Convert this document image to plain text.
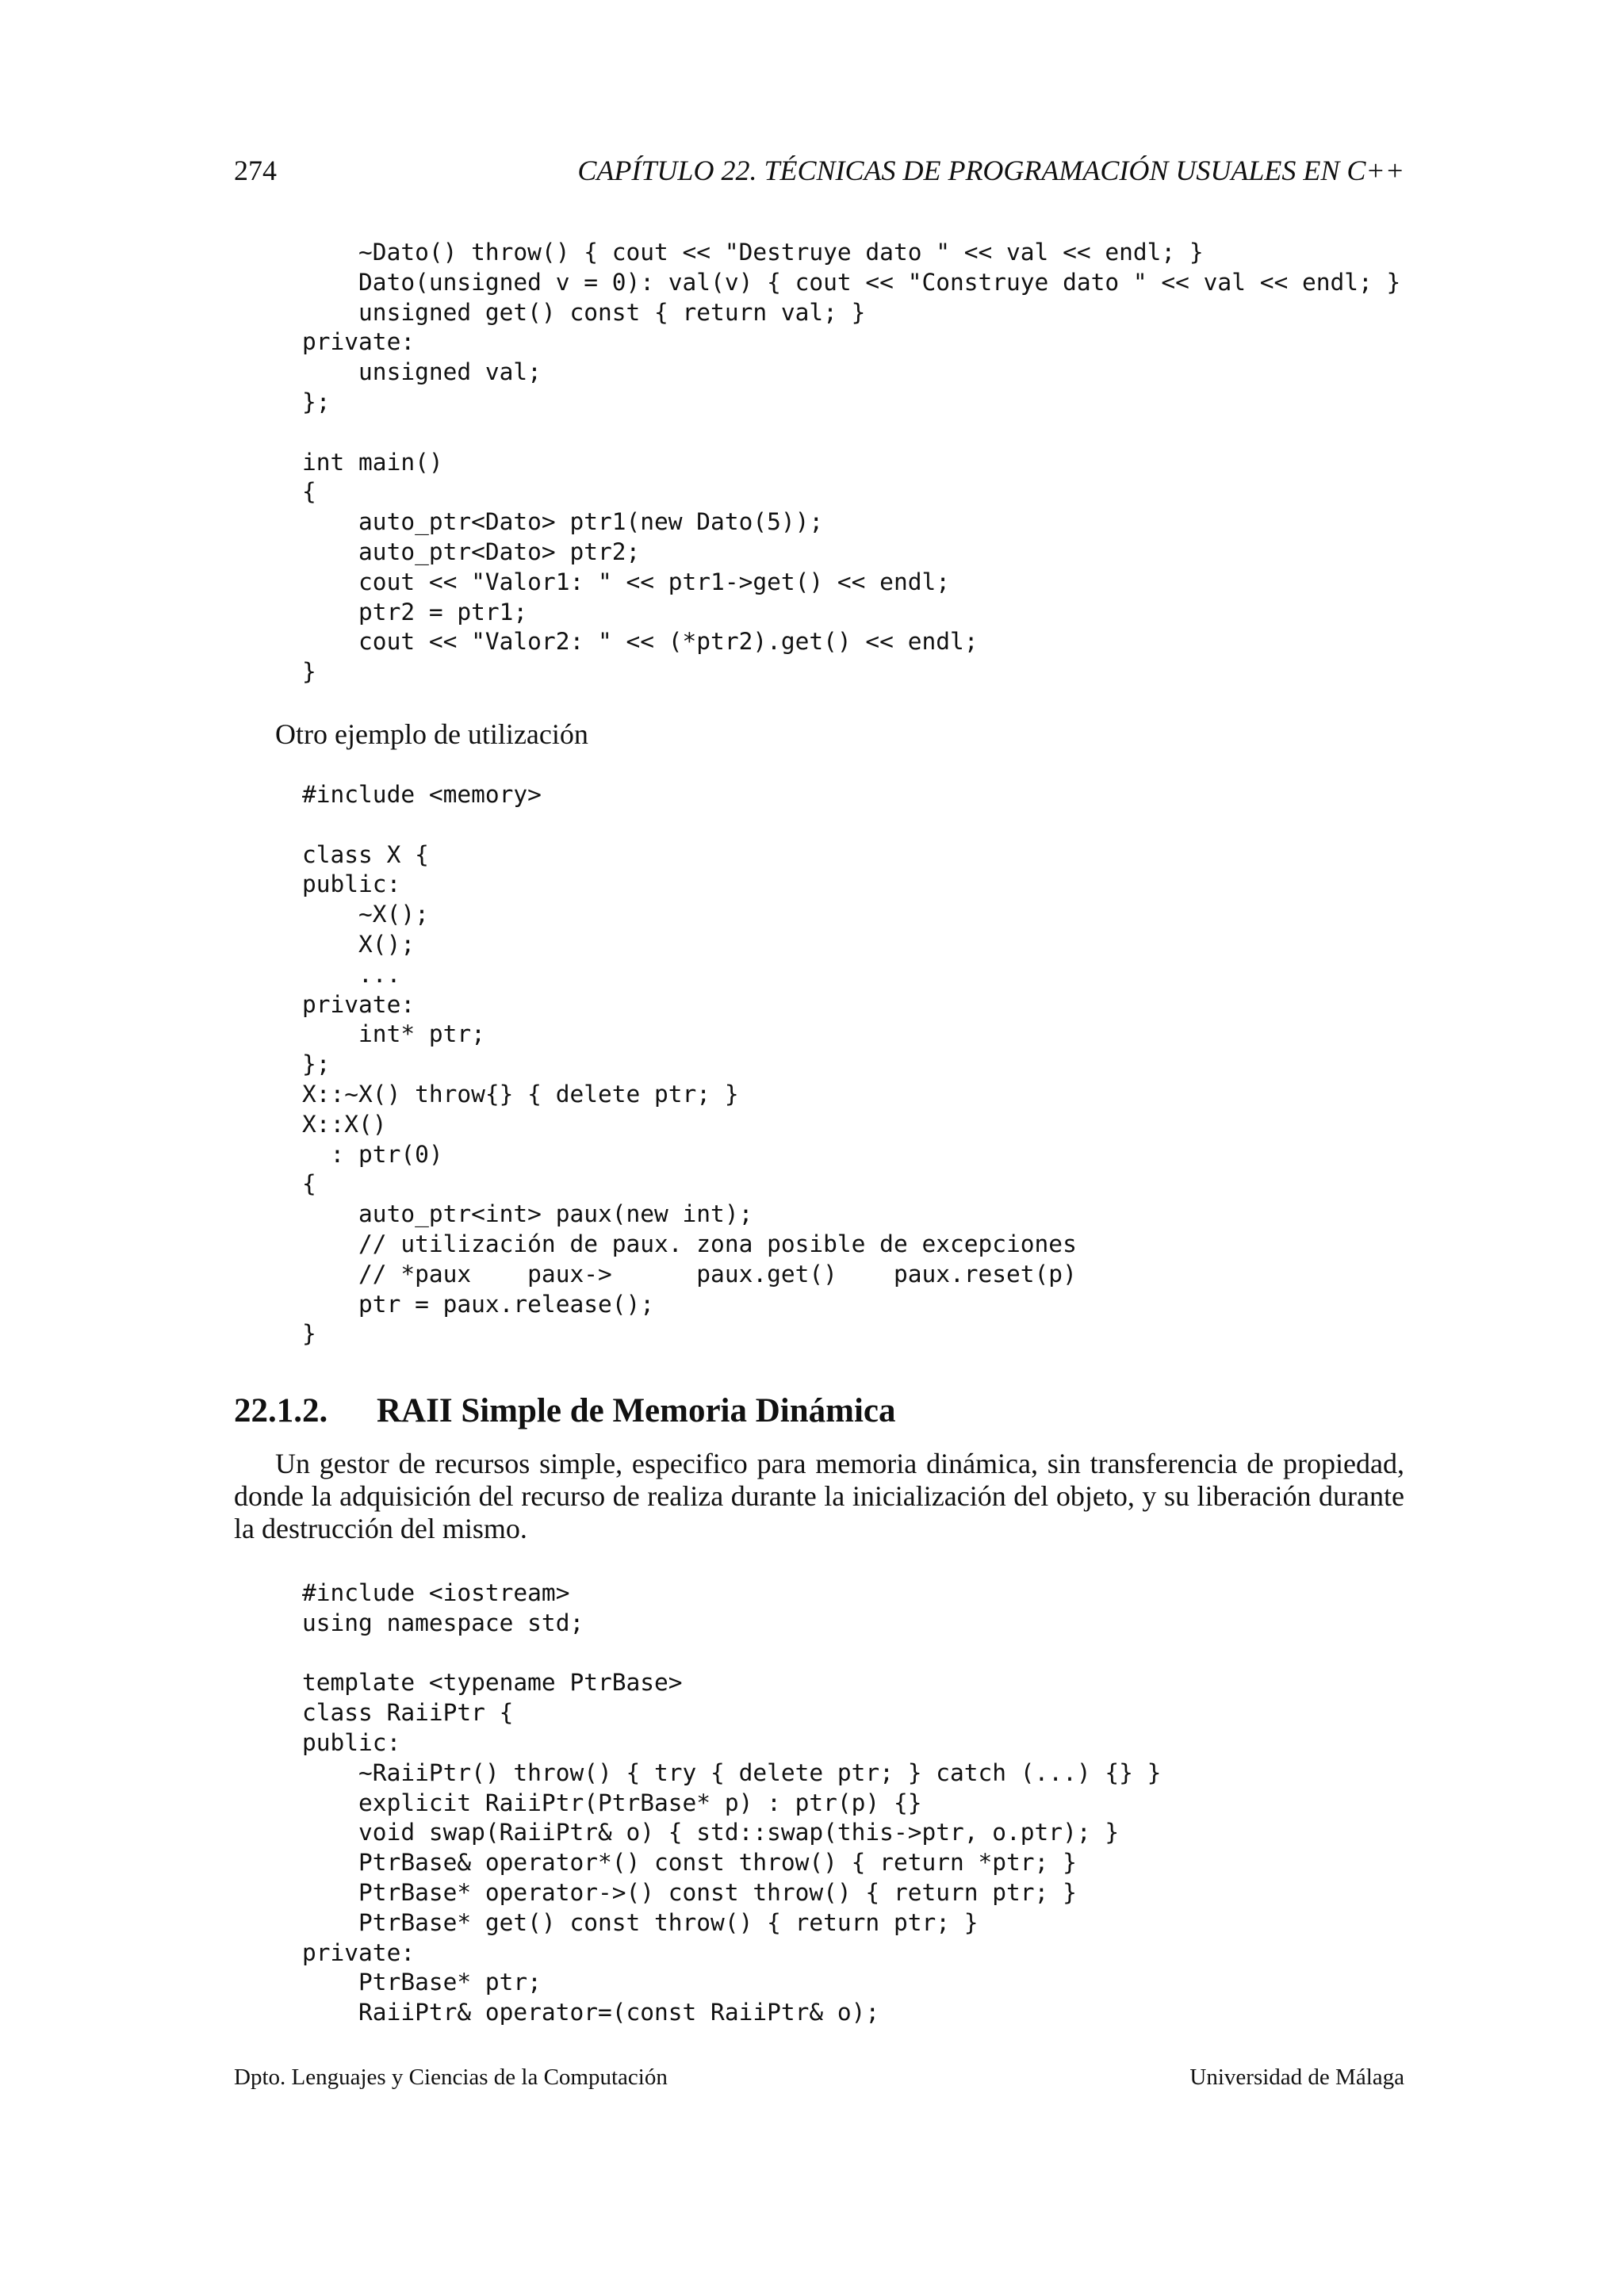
274	CAPÍTULO 22. TÉCNICAS DE PROGRAMACIÓN USUALES EN C++
~Dato() throw() { cout << "Destruye dato " << val << endl; }
Dato(unsigned v = 0): val(v) { cout << "Construye dato " << val << endl; }
unsigned get() const { return val; }
private:
unsigned val;
};

int main()
{
auto_ptr<Dato> ptr1(new Dato(5));
auto_ptr<Dato> ptr2;
cout << "Valor1: " << ptr1->get() << endl;
ptr2 = ptr1;
cout << "Valor2: " << (*ptr2).get() << endl;
}
Otro ejemplo de utilización
#include <memory>

class X {
public:
~X();
X();
...
private:
int* ptr;
};
X::~X() throw{} { delete ptr; }
X::X()
: ptr(0)
{
auto_ptr<int> paux(new int);
// utilización de paux. zona posible de excepciones
// *paux    paux->      paux.get()    paux.reset(p)
ptr = paux.release();
}
22.1.2. RAII Simple de Memoria Dinámica
Un gestor de recursos simple, especifico para memoria dinámica, sin transferencia de propiedad, donde la adquisición del recurso de realiza durante la inicialización del objeto, y su liberación durante la destrucción del mismo.
#include <iostream>
using namespace std;

template <typename PtrBase>
class RaiiPtr {
public:
~RaiiPtr() throw() { try { delete ptr; } catch (...) {} }
explicit RaiiPtr(PtrBase* p) : ptr(p) {}
void swap(RaiiPtr& o) { std::swap(this->ptr, o.ptr); }
PtrBase& operator*() const throw() { return *ptr; }
PtrBase* operator->() const throw() { return ptr; }
PtrBase* get() const throw() { return ptr; }
private:
PtrBase* ptr;
RaiiPtr& operator=(const RaiiPtr& o);
Dpto. Lenguajes y Ciencias de la Computación	Universidad de Málaga
